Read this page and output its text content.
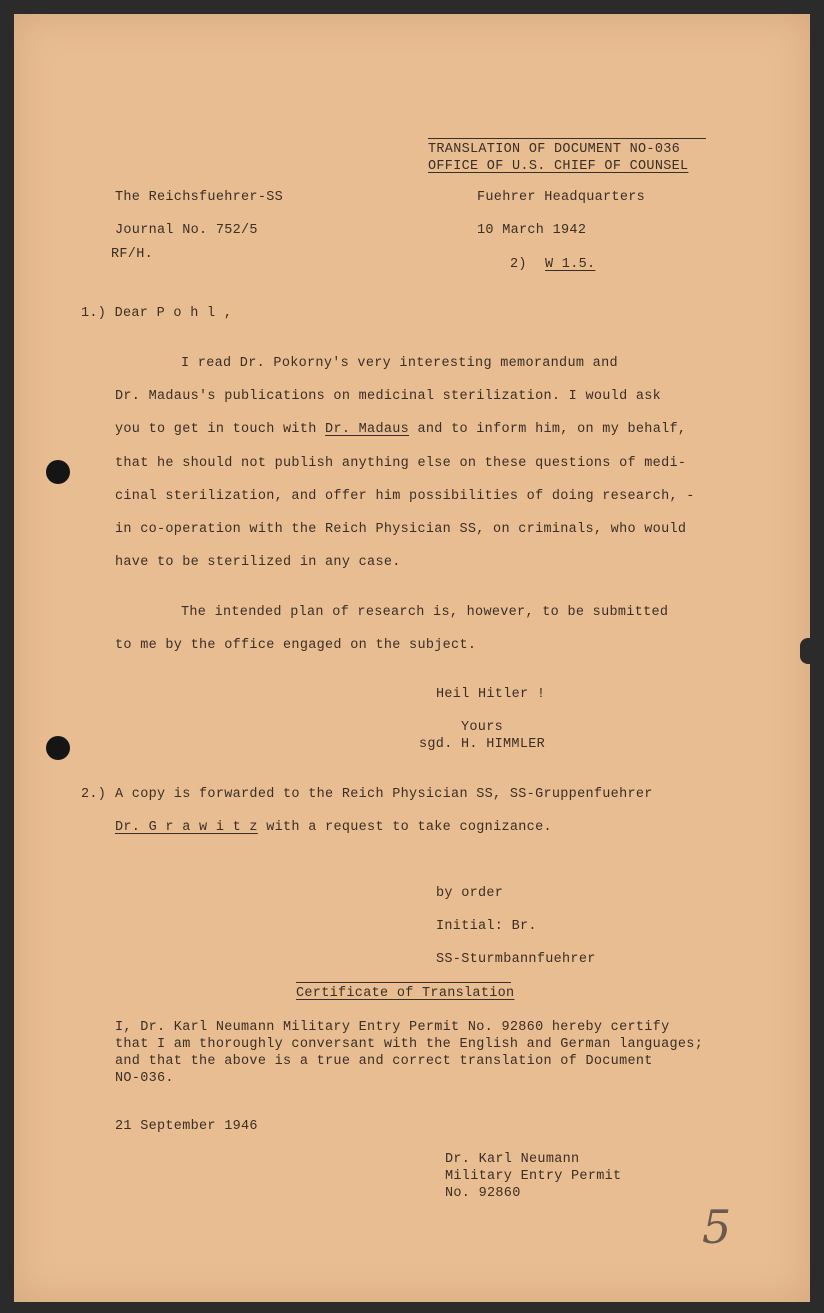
TRANSLATION OF DOCUMENT NO-036
OFFICE OF U.S. CHIEF OF COUNSEL
The Reichsfuehrer-SS
Journal No. 752/5
RF/H.
Fuehrer Headquarters
10 March 1942
2) W 1.5.
1.) Dear P o h l ,
I read Dr. Pokorny's very interesting memorandum and
Dr. Madaus's publications on medicinal sterilization. I would ask
you to get in touch with Dr. Madaus and to inform him, on my behalf,
that he should not publish anything else on these questions of medi-
cinal sterilization, and offer him possibilities of doing research, -
in co-operation with the Reich Physician SS, on criminals, who would
have to be sterilized in any case.
The intended plan of research is, however, to be submitted
to me by the office engaged on the subject.
Heil Hitler !
Yours
sgd. H. HIMMLER
2.) A copy is forwarded to the Reich Physician SS, SS-Gruppenfuehrer
Dr. G r a w i t z with a request to take cognizance.
by order
Initial: Br.
SS-Sturmbannfuehrer
Certificate of Translation
I, Dr. Karl Neumann Military Entry Permit No. 92860 hereby certify
that I am thoroughly conversant with the English and German languages;
and that the above is a true and correct translation of Document
NO-036.
21 September 1946
Dr. Karl Neumann
Military Entry Permit
No. 92860
5
